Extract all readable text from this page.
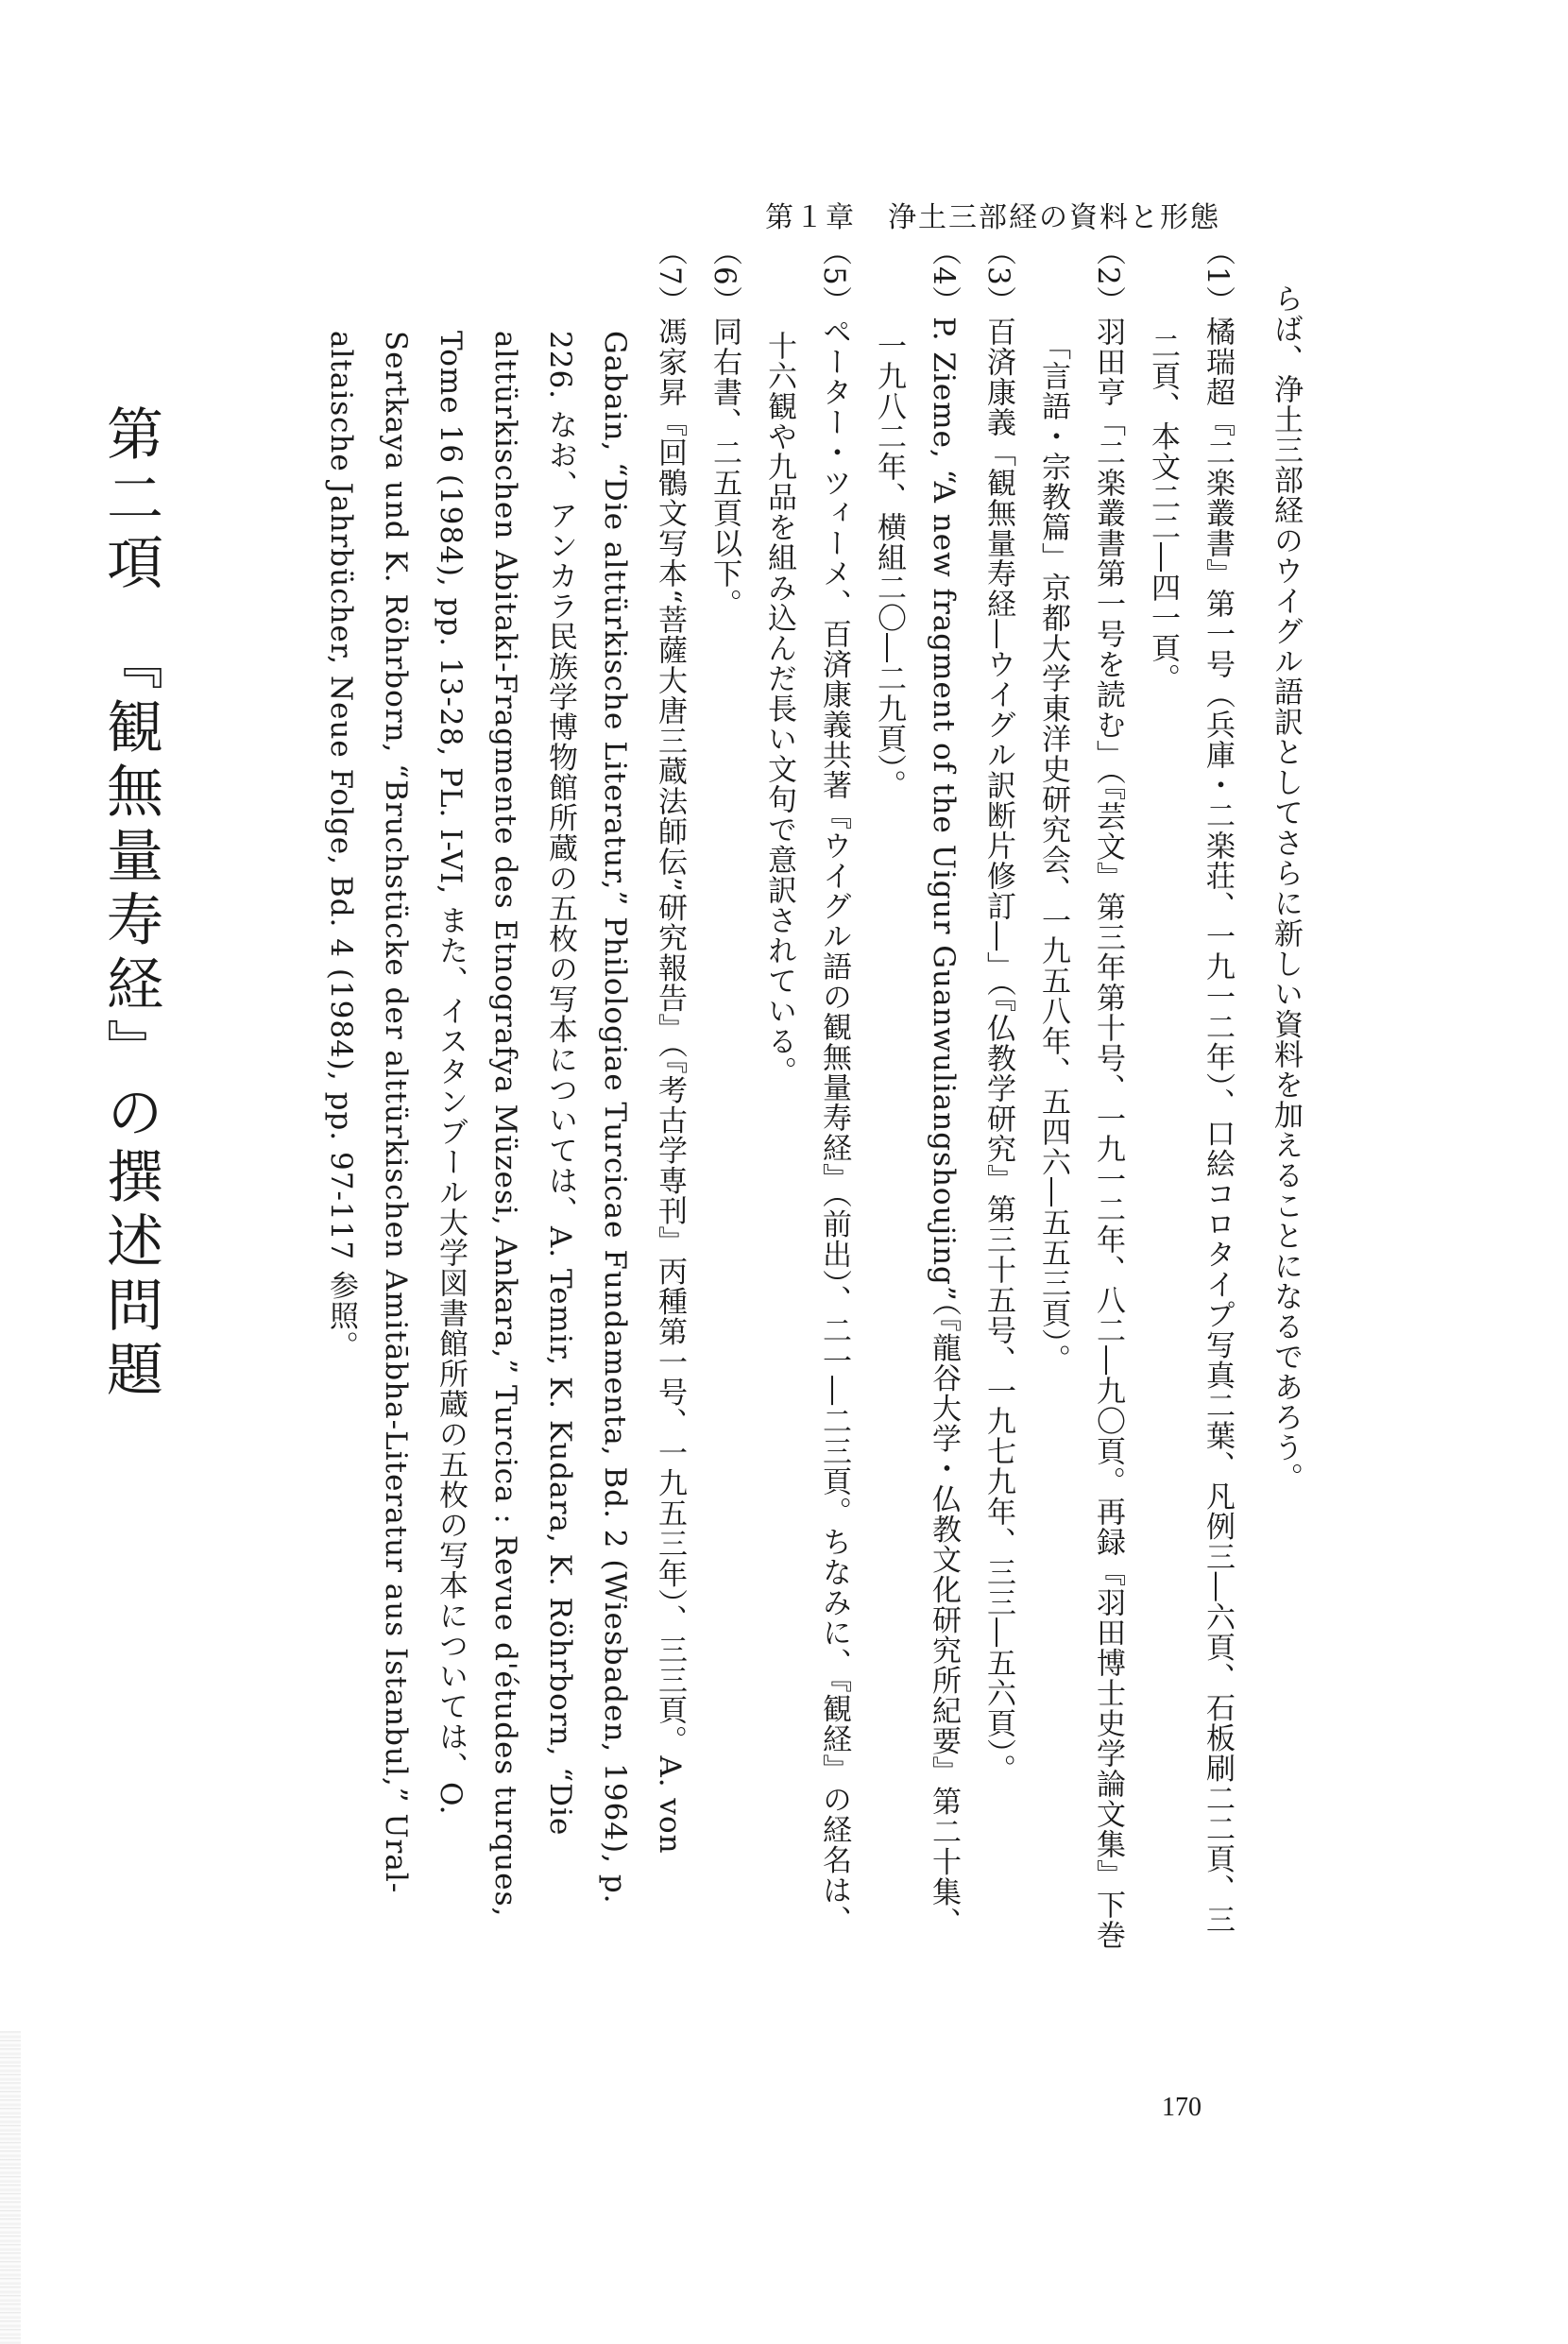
第１章 浄土三部経の資料と形態

らば、浄土三部経のウイグル語訳としてさらに新しい資料を加えることになるであろう。

（1）橘瑞超『二楽叢書』第一号（兵庫・二楽荘、一九一二年）、口絵コロタイプ写真二葉、凡例三―六頁、石板刷二二頁、三二頁、本文二二―四一頁。

（2）羽田亨「二楽叢書第一号を読む」（『芸文』第三年第十号、一九一二年、八二―九〇頁。再録『羽田博士史学論文集』下巻「言語・宗教篇」京都大学東洋史研究会、一九五八年、五四六―五五三頁）。

（3）百済康義「観無量寿経―ウイグル訳断片修訂―」（『仏教学研究』第三十五号、一九七九年、三三―五六頁）。

（4）P. Zieme, “A new fragment of the Uigur Guanwuliangshoujing”（『龍谷大学・仏教文化研究所紀要』第二十集、一九八二年、横組二〇―二九頁）。

（5）ペーター・ツィーメ、百済康義共著『ウイグル語の観無量寿経』（前出）、二一―二三頁。ちなみに、『観経』の経名は、十六観や九品を組み込んだ長い文句で意訳されている。

（6）同右書、二五頁以下。

（7）馮家昇『回鶻文写本“菩薩大唐三蔵法師伝”研究報告』（『考古学専刊』丙種第一号、一九五三年）、三三頁。A. von Gabain, “Die alttürkische Literatur,” Philologiae Turcicae Fundamenta, Bd. 2 (Wiesbaden, 1964), p. 226. なお、アンカラ民族学博物館所蔵の五枚の写本については、A. Temir, K. Kudara, K. Röhrborn, “Die alttürkischen Abitaki-Fragmente des Etnografya Müzesi, Ankara,” Turcica : Revue d'études turques, Tome 16 (1984), pp. 13-28, PL. I-VI, また、イスタンブール大学図書館所蔵の五枚の写本については、O. Sertkaya und K. Röhrborn, “Bruchstücke der alttürkischen Amitābha-Literatur aus Istanbul,” Ural-altaische Jahrbücher, Neue Folge, Bd. 4 (1984), pp. 97-117 参照。

第二項　『観無量寿経』の撰述問題

170
